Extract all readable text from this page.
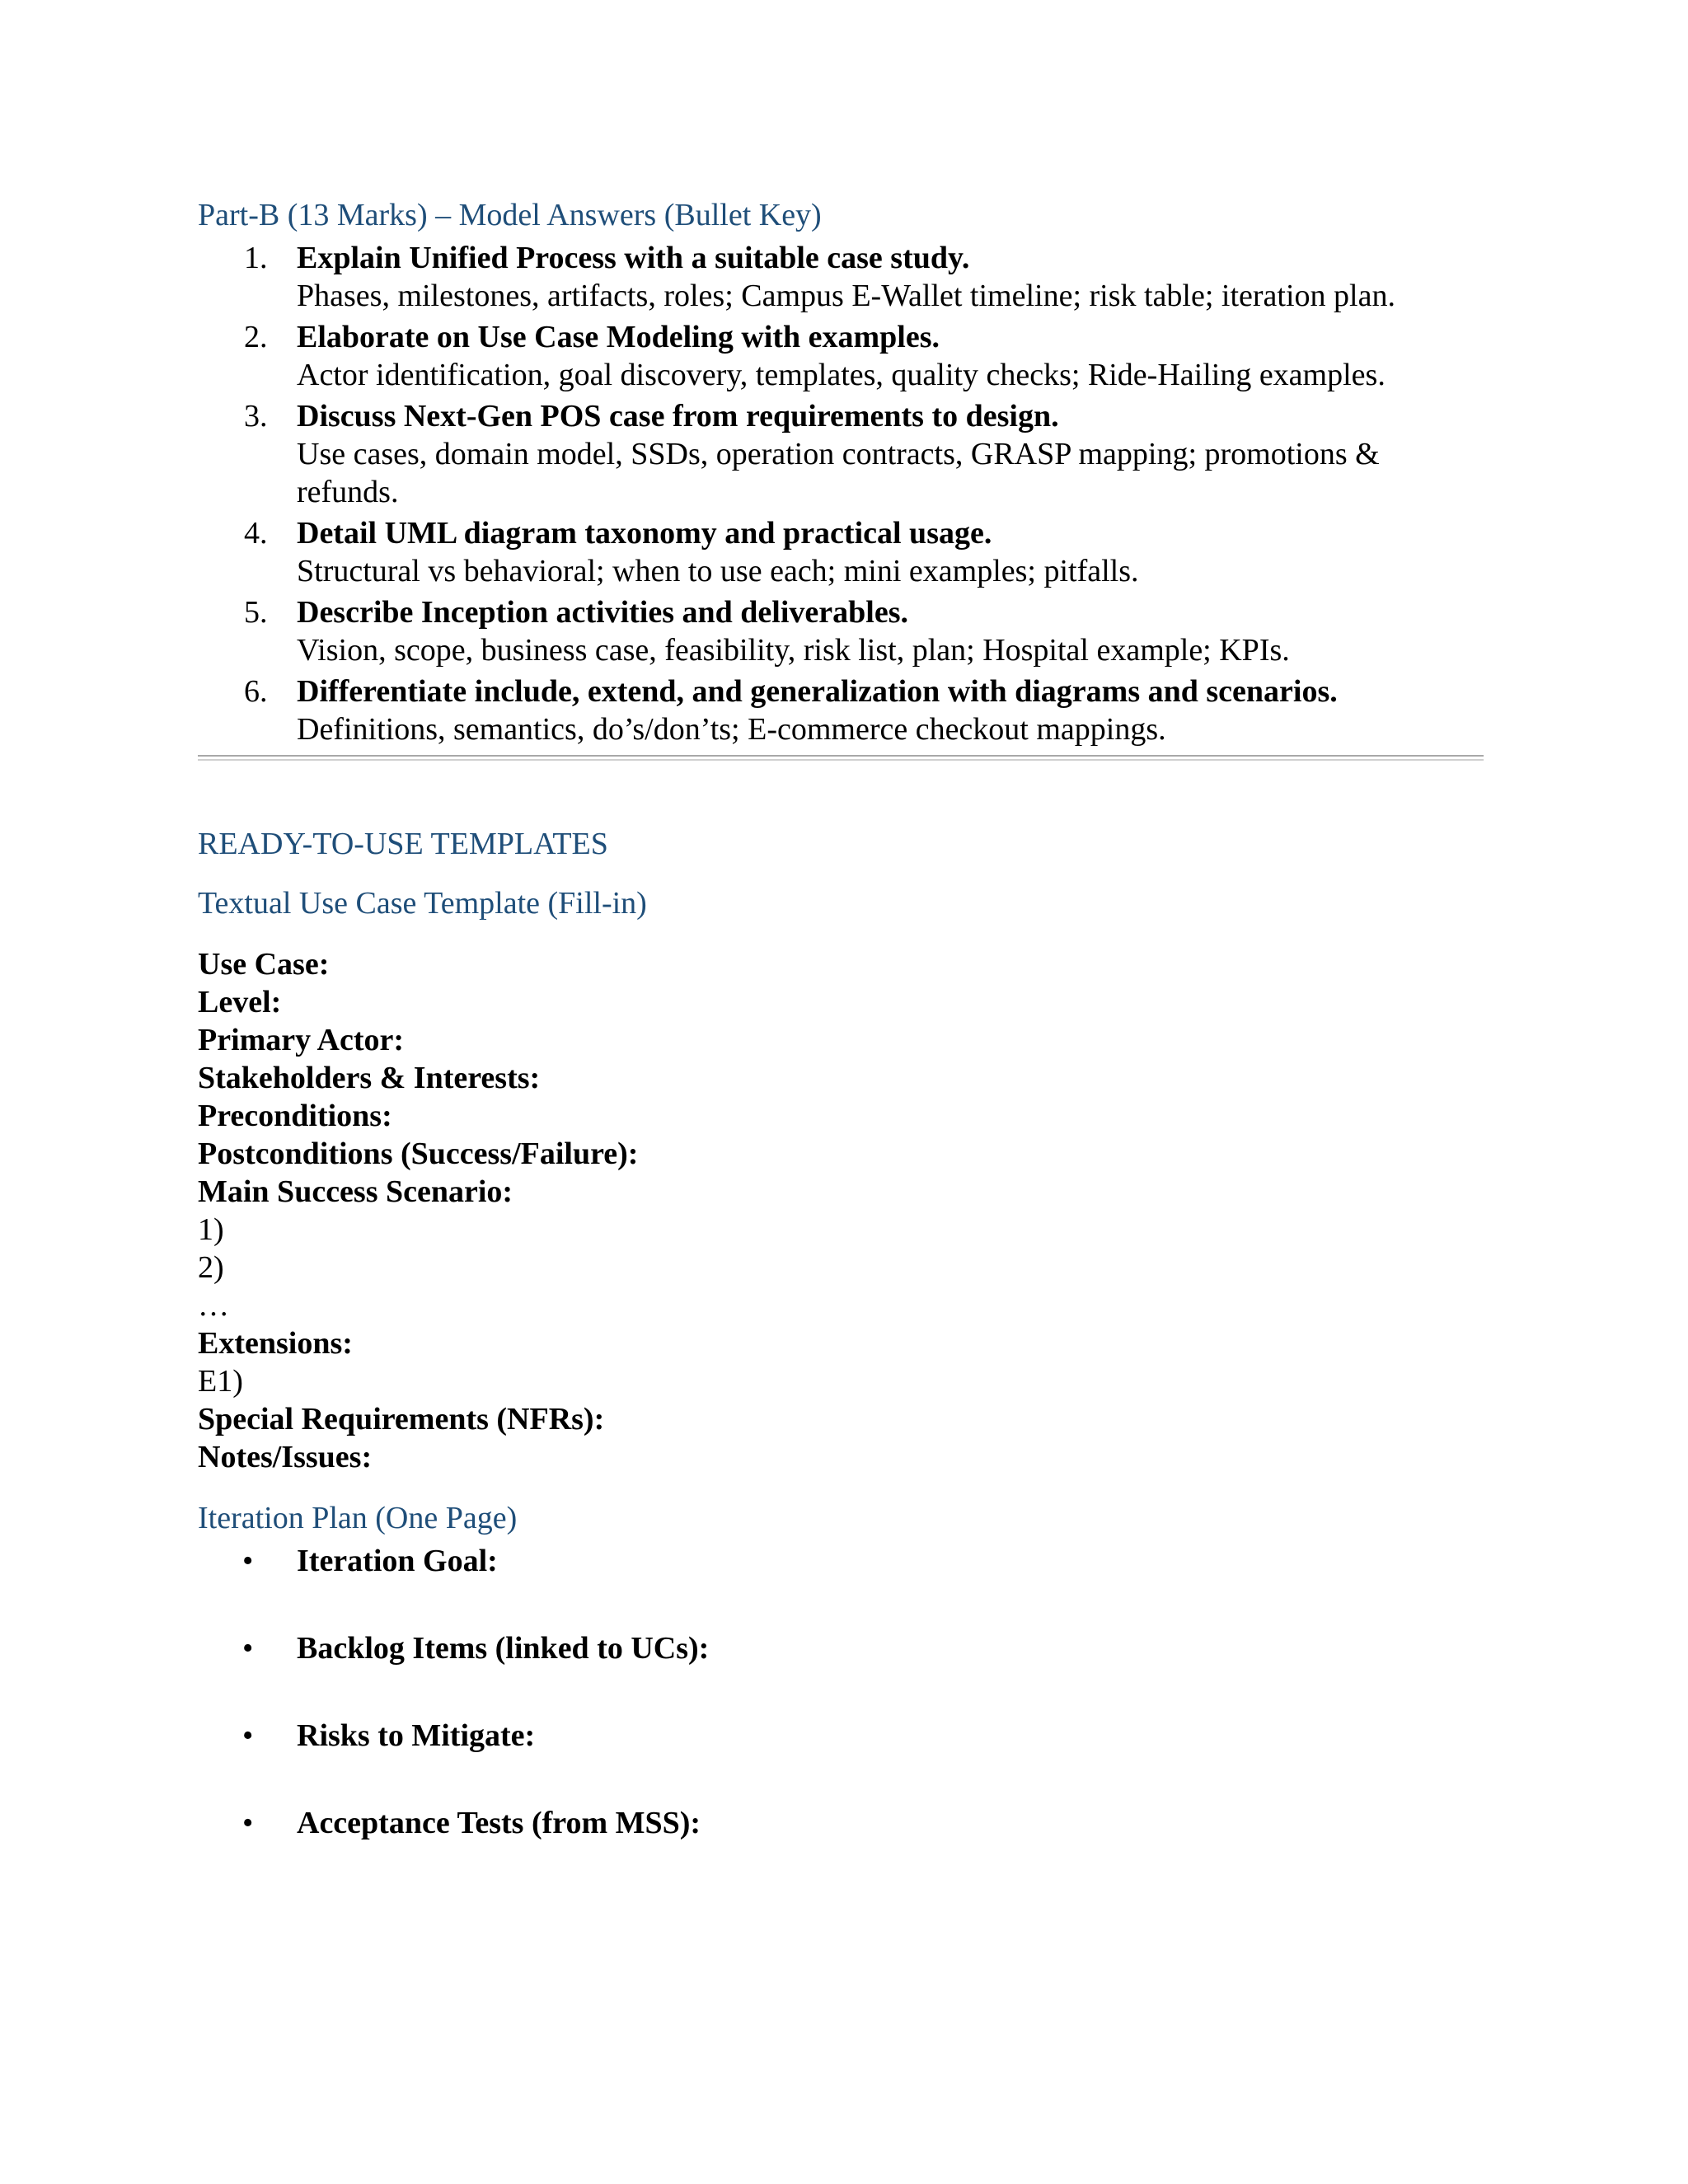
Part-B (13 Marks) – Model Answers (Bullet Key)
1. Explain Unified Process with a suitable case study.
Phases, milestones, artifacts, roles; Campus E-Wallet timeline; risk table; iteration plan.
2. Elaborate on Use Case Modeling with examples.
Actor identification, goal discovery, templates, quality checks; Ride-Hailing examples.
3. Discuss Next-Gen POS case from requirements to design.
Use cases, domain model, SSDs, operation contracts, GRASP mapping; promotions & refunds.
4. Detail UML diagram taxonomy and practical usage.
Structural vs behavioral; when to use each; mini examples; pitfalls.
5. Describe Inception activities and deliverables.
Vision, scope, business case, feasibility, risk list, plan; Hospital example; KPIs.
6. Differentiate include, extend, and generalization with diagrams and scenarios.
Definitions, semantics, do’s/don’ts; E-commerce checkout mappings.
READY-TO-USE TEMPLATES
Textual Use Case Template (Fill-in)
Use Case:
Level:
Primary Actor:
Stakeholders & Interests:
Preconditions:
Postconditions (Success/Failure):
Main Success Scenario:
1)
2)
…
Extensions:
E1)
Special Requirements (NFRs):
Notes/Issues:
Iteration Plan (One Page)
• Iteration Goal:
• Backlog Items (linked to UCs):
• Risks to Mitigate:
• Acceptance Tests (from MSS):
